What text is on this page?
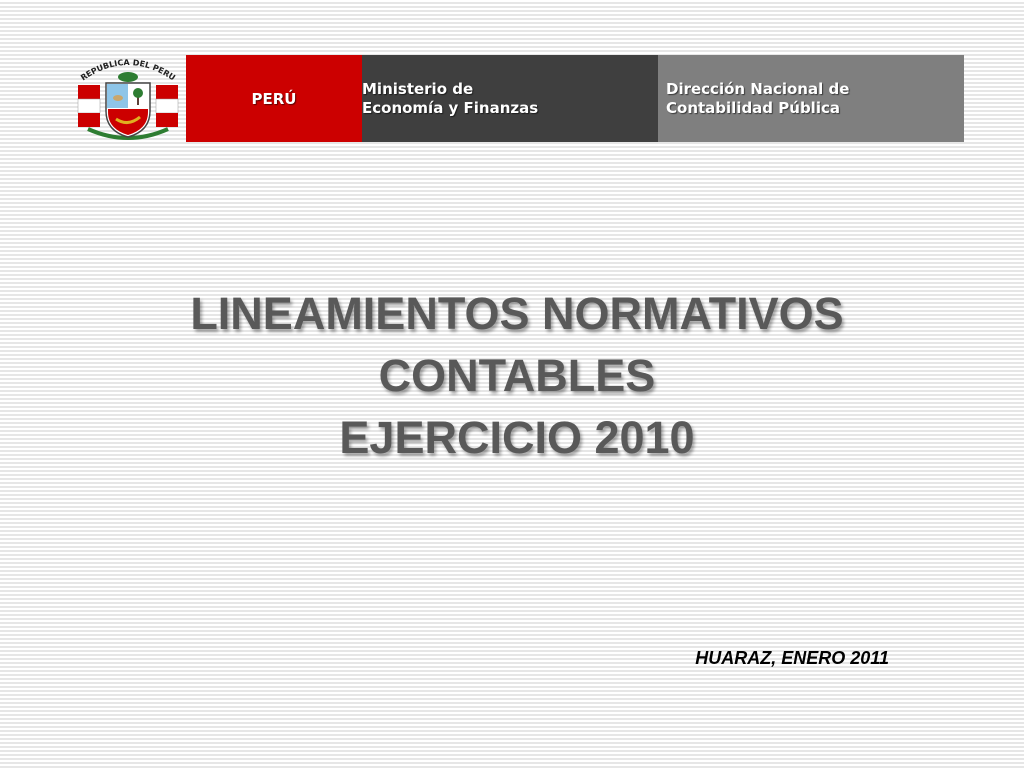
REPUBLICA DEL PERU
PERÚ
Ministerio de
Economía y Finanzas
Dirección Nacional de
Contabilidad Pública
LINEAMIENTOS NORMATIVOS
CONTABLES
EJERCICIO 2010
HUARAZ, ENERO 2011
